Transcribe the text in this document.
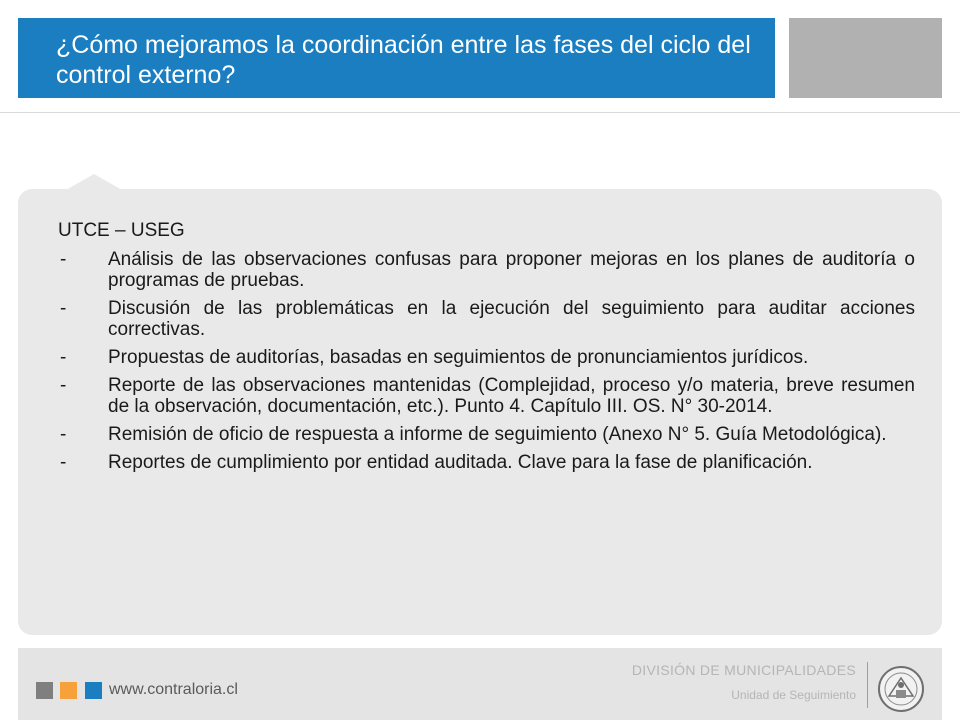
¿Cómo mejoramos la coordinación entre las fases del ciclo del control externo?
UTCE – USEG
-	Análisis de las observaciones confusas para proponer mejoras en los planes de auditoría o programas de pruebas.
-	Discusión de las problemáticas en la ejecución del seguimiento para auditar acciones correctivas.
-	Propuestas de auditorías, basadas en seguimientos de pronunciamientos jurídicos.
-	Reporte de las observaciones mantenidas (Complejidad, proceso y/o materia, breve resumen de la observación, documentación, etc.). Punto 4. Capítulo III. OS. N° 30-2014.
-	Remisión de oficio de respuesta a informe de seguimiento (Anexo N° 5. Guía Metodológica).
-	Reportes de cumplimiento por entidad auditada. Clave para la fase de planificación.
www.contraloria.cl
DIVISIÓN DE MUNICIPALIDADES
Unidad de Seguimiento
